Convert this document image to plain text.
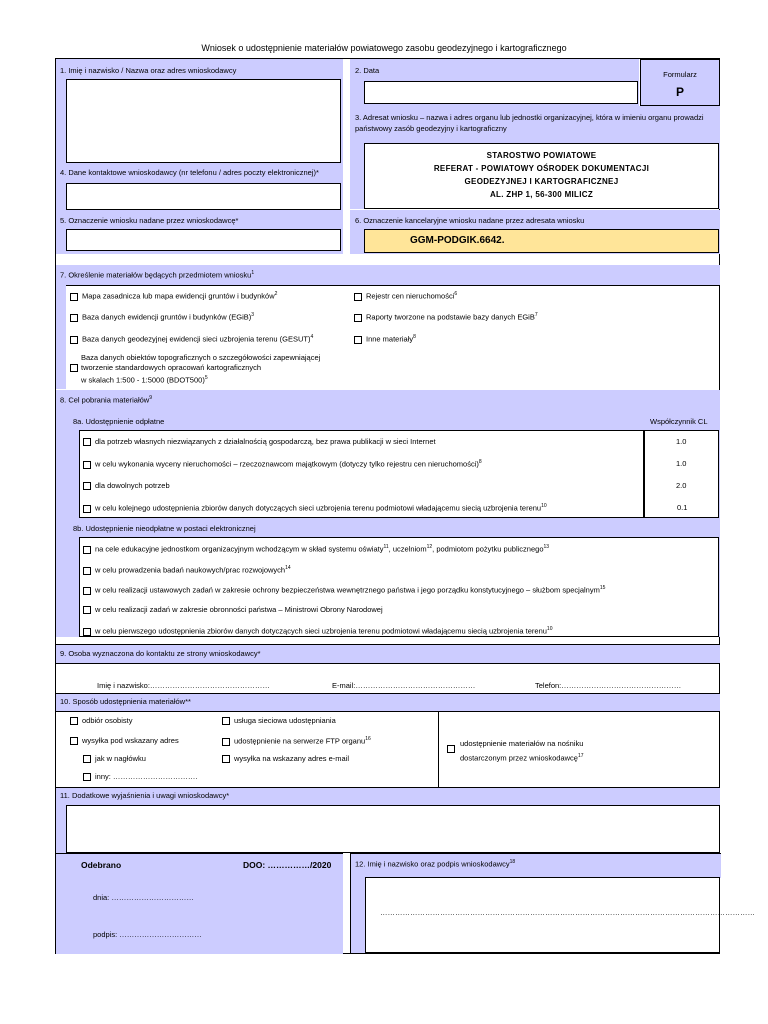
Wniosek o udostępnienie materiałów powiatowego zasobu geodezyjnego i kartograficznego
1. Imię i nazwisko / Nazwa oraz adres wnioskodawcy	2. Data	Formularz
P
3. Adresat wniosku – nazwa i adres organu lub jednostki organizacyjnej, która w imieniu organu prowadzi państwowy zasób geodezyjny i kartograficzny
STAROSTWO POWIATOWE
REFERAT - POWIATOWY OŚRODEK DOKUMENTACJI
GEODEZYJNEJ I KARTOGRAFICZNEJ
AL. ZHP 1, 56-300 MILICZ
4. Dane kontaktowe wnioskodawcy (nr telefonu / adres poczty elektronicznej)*
5. Oznaczenie wniosku nadane przez wnioskodawcę*	6. Oznaczenie kancelaryjne wniosku nadane przez adresata wniosku
GGM-PODGIK.6642.
7. Określenie materiałów będących przedmiotem wniosku$^1$
Mapa zasadnicza lub mapa ewidencji gruntów i budynków$^2$
Baza danych ewidencji gruntów i budynków (EGiB)$^3$
Baza danych geodezyjnej ewidencji sieci uzbrojenia terenu (GESUT)$^4$
Rejestr cen nieruchomości$^6$
Raporty tworzone na podstawie bazy danych EGiB$^7$
Inne materiały$^8$
Baza danych obiektów topograficznych o szczegółowości zapewniającej
tworzenie standardowych opracowań kartograficznych
w skalach 1:500 - 1:5000 (BDOT500)$^5$
8. Cel pobrania materiałów$^9$
8a. Udostępnienie odpłatne	Współczynnik CL
dla potrzeb własnych niezwiązanych z działalnością gospodarczą, bez prawa publikacji w sieci Internet	1.0
w celu wykonania wyceny nieruchomości – rzeczoznawcom majątkowym (dotyczy tylko rejestru cen nieruchomości)$^8$	1.0
dla dowolnych potrzeb	2.0
w celu kolejnego udostępnienia zbiorów danych dotyczących sieci uzbrojenia terenu podmiotowi władającemu siecią uzbrojenia terenu$^{10}$	0.1
8b. Udostępnienie nieodpłatne w postaci elektronicznej
na cele edukacyjne jednostkom organizacyjnym wchodzącym w skład systemu oświaty$^{11}$, uczelniom$^{12}$, podmiotom pożytku publicznego$^{13}$
w celu prowadzenia badań naukowych/prac rozwojowych$^{14}$
w celu realizacji ustawowych zadań w zakresie ochrony bezpieczeństwa wewnętrznego państwa i jego porządku konstytucyjnego – służbom specjalnym$^{15}$
w celu realizacji zadań w zakresie obronności państwa – Ministrowi Obrony Narodowej
w celu pierwszego udostępnienia zbiorów danych dotyczących sieci uzbrojenia terenu podmiotowi władającemu siecią uzbrojenia terenu$^{10}$
9. Osoba wyznaczona do kontaktu ze strony wnioskodawcy*
Imię i nazwisko:…………………………………………	E-mail:…………………………………………	Telefon:…………………………………………
10. Sposób udostępnienia materiałów**
odbiór osobisty
wysyłka pod wskazany adres
jak w nagłówku
inny: …………………………….
usługa sieciowa udostępniania
udostępnienie na serwerze FTP organu$^{16}$
wysyłka na wskazany adres e-mail
udostępnienie materiałów na nośniku
dostarczonym przez wnioskodawcę$^{17}$
11. Dodatkowe wyjaśnienia i uwagi wnioskodawcy*
Odebrano	DOO: ……………/2020
dnia: ……………………………
podpis: ……………………………
12. Imię i nazwisko oraz podpis wnioskodawcy$^{18}$
……………………………………………………………………………………………………………………………………
